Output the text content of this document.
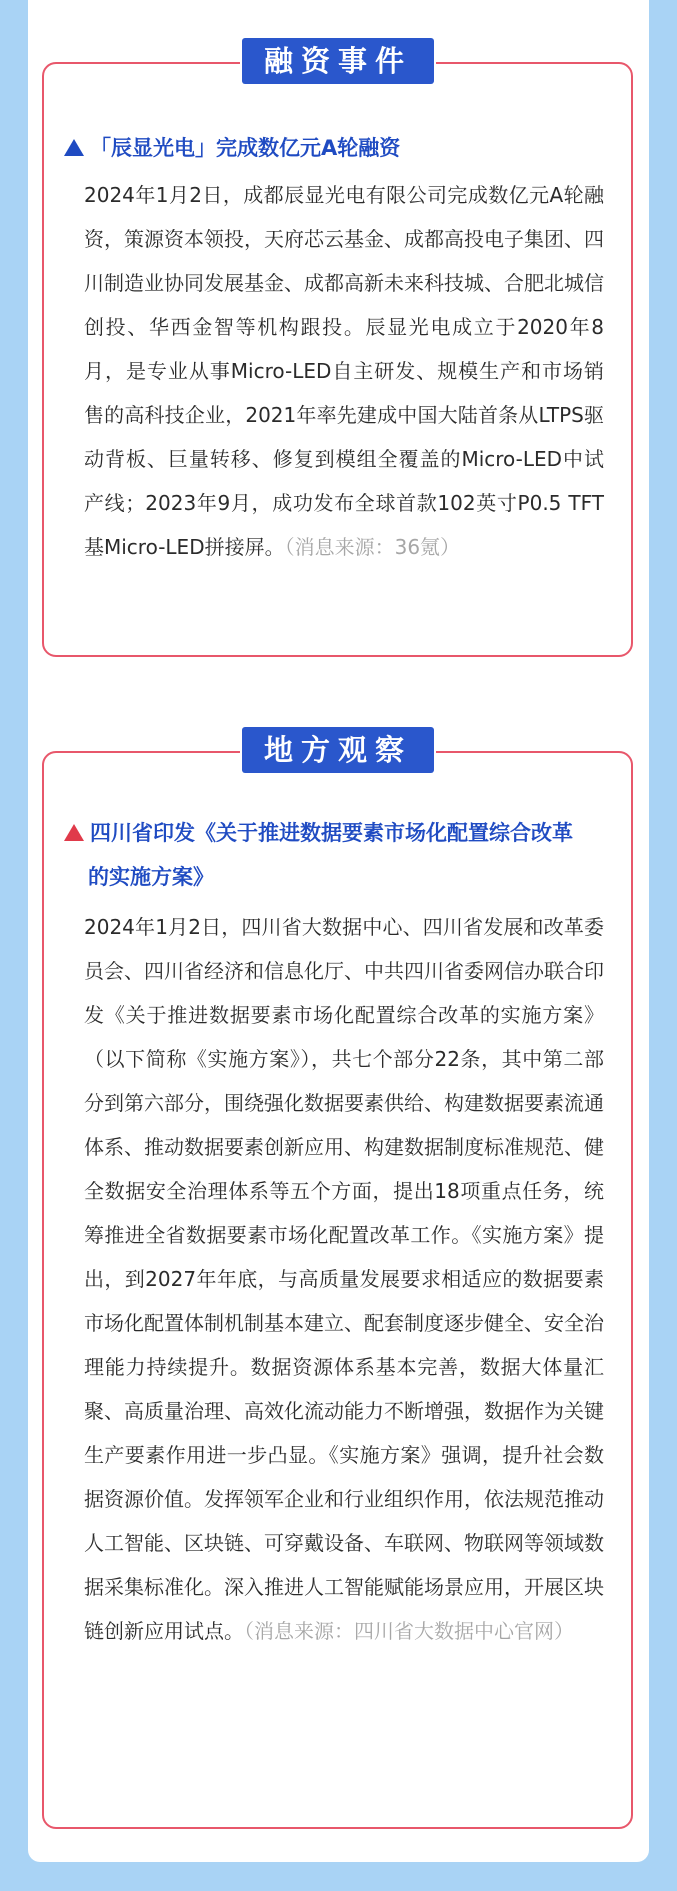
融资事件
「辰显光电」完成数亿元A轮融资
2024年1月2日，成都辰显光电有限公司完成数亿元A轮融资，策源资本领投，天府芯云基金、成都高投电子集团、四川制造业协同发展基金、成都高新未来科技城、合肥北城信创投、华西金智等机构跟投。辰显光电成立于2020年8月，是专业从事Micro-LED自主研发、规模生产和市场销售的高科技企业，2021年率先建成中国大陆首条从LTPS驱动背板、巨量转移、修复到模组全覆盖的Micro-LED中试产线；2023年9月，成功发布全球首款102英寸P0.5 TFT基Micro-LED拼接屏。（消息来源：36氪）
地方观察
四川省印发《关于推进数据要素市场化配置综合改革
的实施方案》
2024年1月2日，四川省大数据中心、四川省发展和改革委员会、四川省经济和信息化厅、中共四川省委网信办联合印发《关于推进数据要素市场化配置综合改革的实施方案》（以下简称《实施方案》），共七个部分22条，其中第二部分到第六部分，围绕强化数据要素供给、构建数据要素流通体系、推动数据要素创新应用、构建数据制度标准规范、健全数据安全治理体系等五个方面，提出18项重点任务，统筹推进全省数据要素市场化配置改革工作。《实施方案》提出，到2027年年底，与高质量发展要求相适应的数据要素市场化配置体制机制基本建立、配套制度逐步健全、安全治理能力持续提升。数据资源体系基本完善，数据大体量汇聚、高质量治理、高效化流动能力不断增强，数据作为关键生产要素作用进一步凸显。《实施方案》强调，提升社会数据资源价值。发挥领军企业和行业组织作用，依法规范推动人工智能、区块链、可穿戴设备、车联网、物联网等领域数据采集标准化。深入推进人工智能赋能场景应用，开展区块链创新应用试点。（消息来源：四川省大数据中心官网）
